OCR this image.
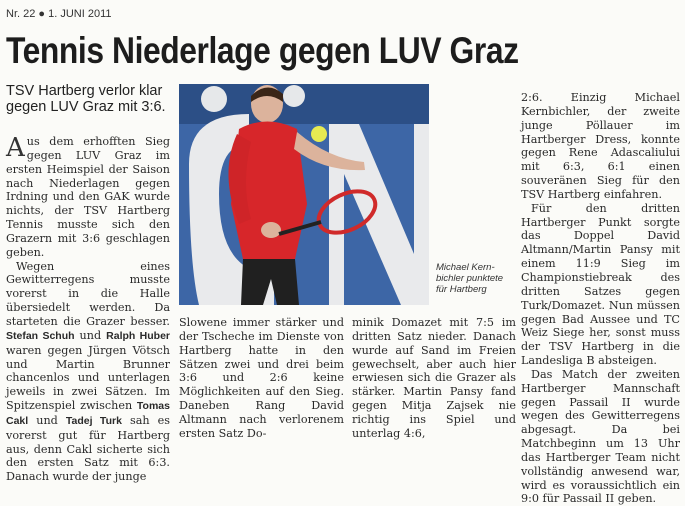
Nr. 22 ● 1. JUNI 2011
Tennis Niederlage gegen LUV Graz
TSV Hartberg verlor klar gegen LUV Graz mit 3:6.

Aus dem erhofften Sieg gegen LUV Graz im ersten Heimspiel der Saison nach Niederlagen gegen Irdning und den GAK wurde nichts, der TSV Hartberg Tennis musste sich den Grazern mit 3:6 geschlagen geben.

Wegen eines Gewitterregens musste vorerst in die Halle übersiedelt werden. Da starteten die Grazer besser. Stefan Schuh und Ralph Huber waren gegen Jürgen Vötsch und Martin Brunner chancenlos und unterlagen jeweils in zwei Sätzen. Im Spitzenspiel zwischen Tomas Cakl und Tadej Turk sah es vorerst gut für Hartberg aus, denn Cakl sicherte sich den ersten Satz mit 6:3. Danach wurde der junge

Michael Kernbichler punktete für Hartberg

Slowene immer stärker und der Tscheche im Dienste von Hartberg hatte in den Sätzen zwei und drei beim 3:6 und 2:6 keine Möglichkeiten auf den Sieg. Daneben Rang David Altmann nach verlorenem ersten Satz Do-

minik Domazet mit 7:5 im dritten Satz nieder. Danach wurde auf Sand im Freien gewechselt, aber auch hier erwiesen sich die Grazer als stärker. Martin Pansy fand gegen Mitja Zajsek nie richtig ins Spiel und unterlag 4:6,

2:6. Einzig Michael Kernbichler, der zweite junge Pöllauer im Hartberger Dress, konnte gegen Rene Adascaliului mit 6:3, 6:1 einen souveränen Sieg für den TSV Hartberg einfahren.

Für den dritten Hartberger Punkt sorgte das Doppel David Altmann/Martin Pansy mit einem 11:9 Sieg im Championstiebreak des dritten Satzes gegen Turk/Domazet. Nun müssen gegen Bad Aussee und TC Weiz Siege her, sonst muss der TSV Hartberg in die Landesliga B absteigen.

Das Match der zweiten Hartberger Mannschaft gegen Passail II wurde wegen des Gewitterregens abgesagt. Da bei Matchbeginn um 13 Uhr das Hartberger Team nicht vollständig anwesend war, wird es voraussichtlich ein 9:0 für Passail II geben.
